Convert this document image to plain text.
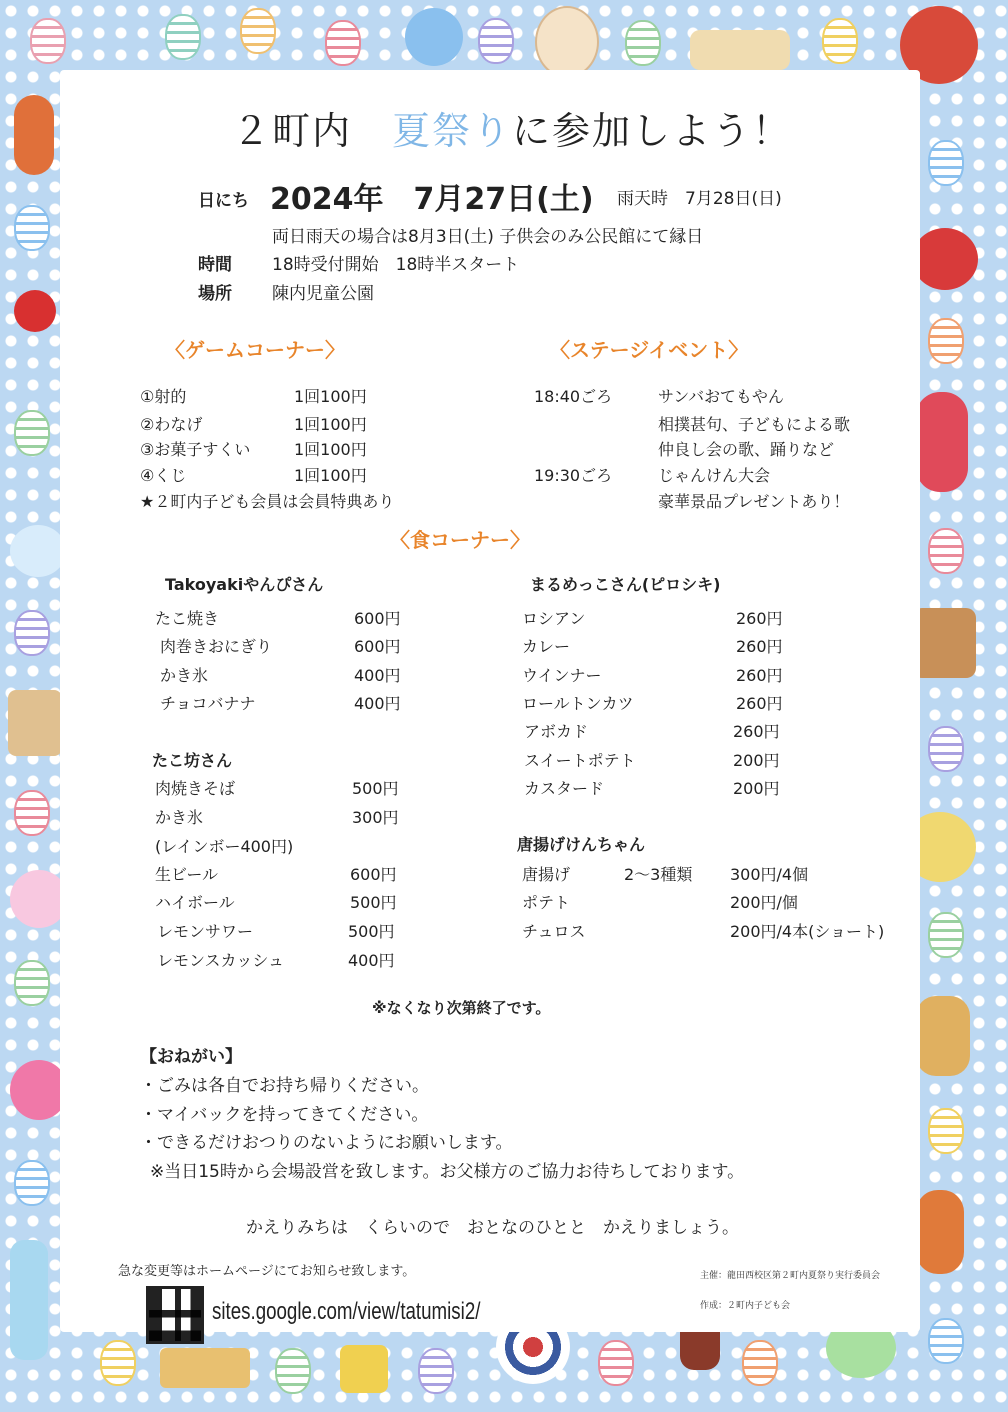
２町内　夏祭りに参加しよう！
日にち 2024年　7月27日(土) 雨天時　7月28日(日)
両日雨天の場合は8月3日(土) 子供会のみ公民館にて縁日
時間 18時受付開始　18時半スタート
場所 陳内児童公園
〈ゲームコーナー〉
①射的	1回100円
②わなげ	1回100円
③お菓子すくい	1回100円
④くじ	1回100円
★２町内子ども会員は会員特典あり
〈ステージイベント〉
18:40ごろ	サンバおてもやん
相撲甚句、子どもによる歌
仲良し会の歌、踊りなど
19:30ごろ	じゃんけん大会
豪華景品プレゼントあり！
〈食コーナー〉
Takoyakiやんぴさん
たこ焼き	600円
肉巻きおにぎり	600円
かき氷	400円
チョコバナナ	400円
たこ坊さん
肉焼きそば	500円
かき氷	300円
(レインボー400円)
生ビール	600円
ハイボール	500円
レモンサワー	500円
レモンスカッシュ	400円
まるめっこさん(ピロシキ)
ロシアン	260円
カレー	260円
ウインナー	260円
ロールトンカツ	260円
アボカド	260円
スイートポテト	200円
カスタード	200円
唐揚げけんちゃん
唐揚げ	2～3種類 300円/4個
ポテト	200円/個
チュロス	200円/4本(ショート)
※なくなり次第終了です。
【おねがい】
・ごみは各自でお持ち帰りください。
・マイバックを持ってきてください。
・できるだけおつりのないようにお願いします。
※当日15時から会場設営を致します。お父様方のご協力お待ちしております。
かえりみちは　くらいので　おとなのひとと　かえりましょう。
急な変更等はホームページにてお知らせ致します。
sites.google.com/view/tatumisi2/
主催：龍田西校区第２町内夏祭り実行委員会
作成：２町内子ども会
